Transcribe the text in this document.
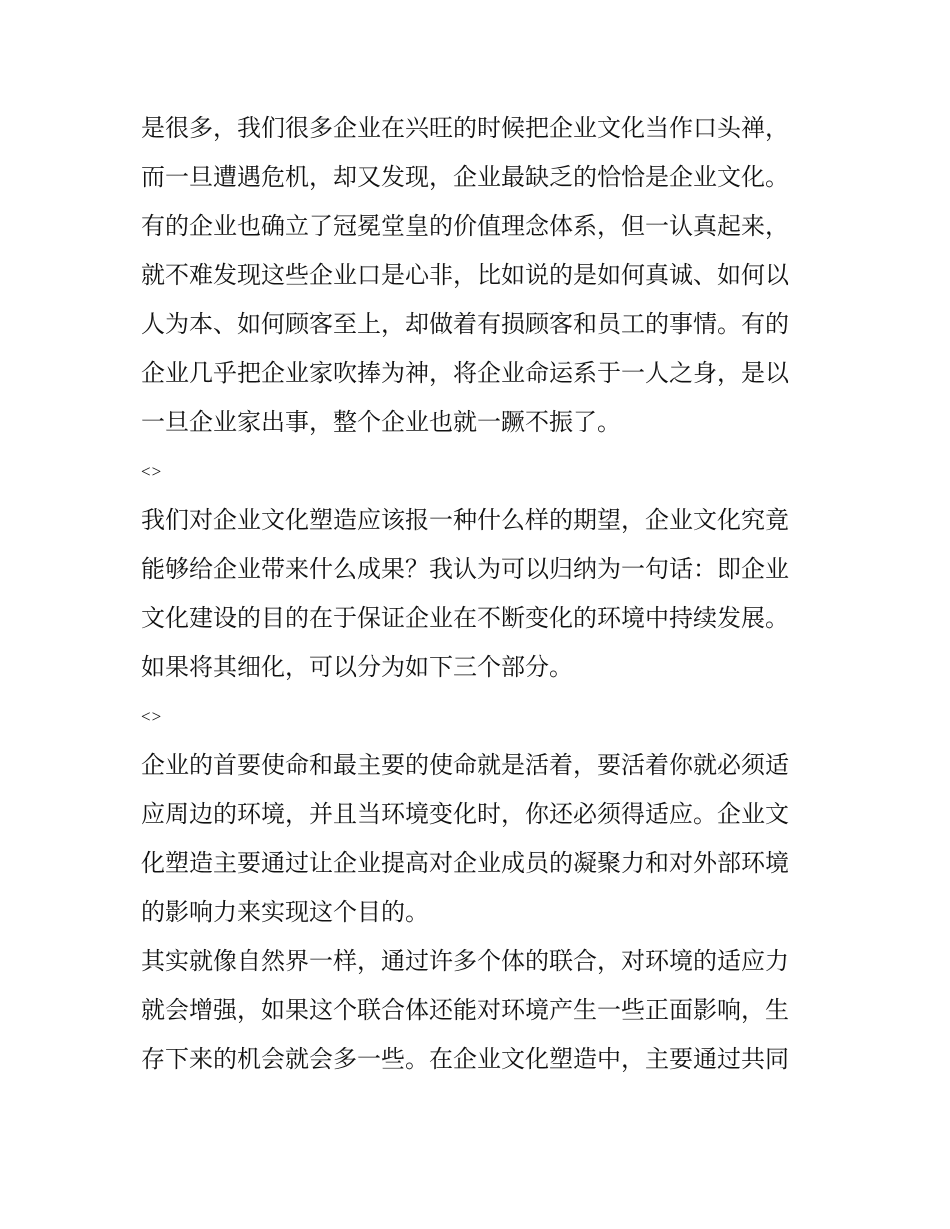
是很多，我们很多企业在兴旺的时候把企业文化当作口头禅，
而一旦遭遇危机，却又发现，企业最缺乏的恰恰是企业文化。
有的企业也确立了冠冕堂皇的价值理念体系，但一认真起来，
就不难发现这些企业口是心非，比如说的是如何真诚、如何以
人为本、如何顾客至上，却做着有损顾客和员工的事情。有的
企业几乎把企业家吹捧为神，将企业命运系于一人之身，是以
一旦企业家出事，整个企业也就一蹶不振了。
<>
我们对企业文化塑造应该报一种什么样的期望，企业文化究竟
能够给企业带来什么成果？我认为可以归纳为一句话：即企业
文化建设的目的在于保证企业在不断变化的环境中持续发展。
如果将其细化，可以分为如下三个部分。
<>
企业的首要使命和最主要的使命就是活着，要活着你就必须适
应周边的环境，并且当环境变化时，你还必须得适应。企业文
化塑造主要通过让企业提高对企业成员的凝聚力和对外部环境
的影响力来实现这个目的。
其实就像自然界一样，通过许多个体的联合，对环境的适应力
就会增强，如果这个联合体还能对环境产生一些正面影响，生
存下来的机会就会多一些。在企业文化塑造中，主要通过共同
